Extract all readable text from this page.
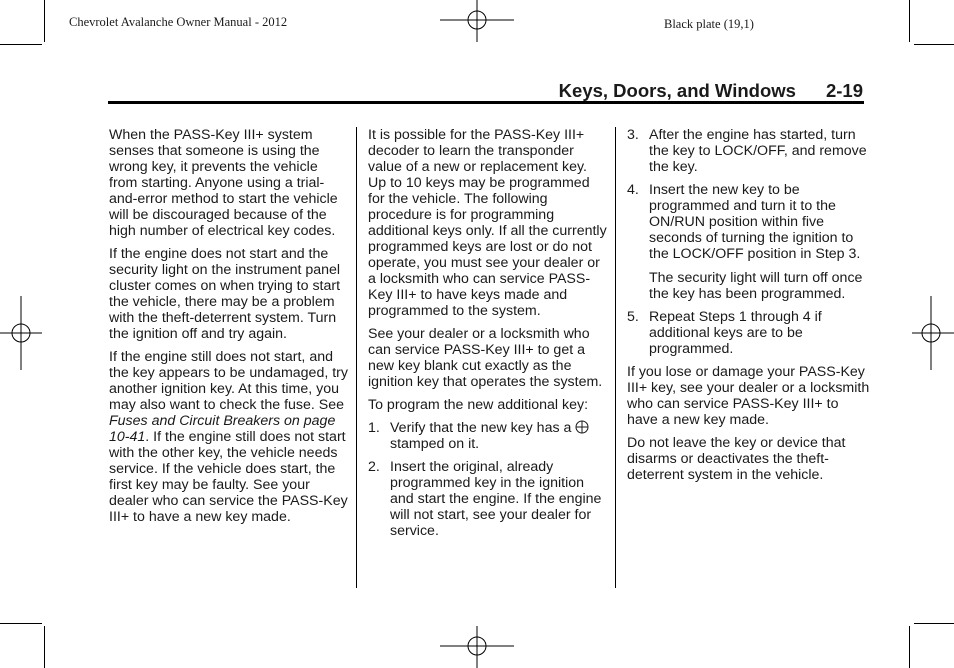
Chevrolet Avalanche Owner Manual - 2012	Black plate (19,1)
Keys, Doors, and Windows 2-19

When the PASS-Key III+ system senses that someone is using the wrong key, it prevents the vehicle from starting. Anyone using a trial-and-error method to start the vehicle will be discouraged because of the high number of electrical key codes.

If the engine does not start and the security light on the instrument panel cluster comes on when trying to start the vehicle, there may be a problem with the theft-deterrent system. Turn the ignition off and try again.

If the engine still does not start, and the key appears to be undamaged, try another ignition key. At this time, you may also want to check the fuse. See Fuses and Circuit Breakers on page 10-41. If the engine still does not start with the other key, the vehicle needs service. If the vehicle does start, the first key may be faulty. See your dealer who can service the PASS-Key III+ to have a new key made.

It is possible for the PASS-Key III+ decoder to learn the transponder value of a new or replacement key. Up to 10 keys may be programmed for the vehicle. The following procedure is for programming additional keys only. If all the currently programmed keys are lost or do not operate, you must see your dealer or a locksmith who can service PASS-Key III+ to have keys made and programmed to the system.

See your dealer or a locksmith who can service PASS-Key III+ to get a new key blank cut exactly as the ignition key that operates the system.

To program the new additional key:

1. Verify that the new key has a stamped on it.

2. Insert the original, already programmed key in the ignition and start the engine. If the engine will not start, see your dealer for service.

3. After the engine has started, turn the key to LOCK/OFF, and remove the key.

4. Insert the new key to be programmed and turn it to the ON/RUN position within five seconds of turning the ignition to the LOCK/OFF position in Step 3.

The security light will turn off once the key has been programmed.

5. Repeat Steps 1 through 4 if additional keys are to be programmed.

If you lose or damage your PASS-Key III+ key, see your dealer or a locksmith who can service PASS-Key III+ to have a new key made.

Do not leave the key or device that disarms or deactivates the theft-deterrent system in the vehicle.
